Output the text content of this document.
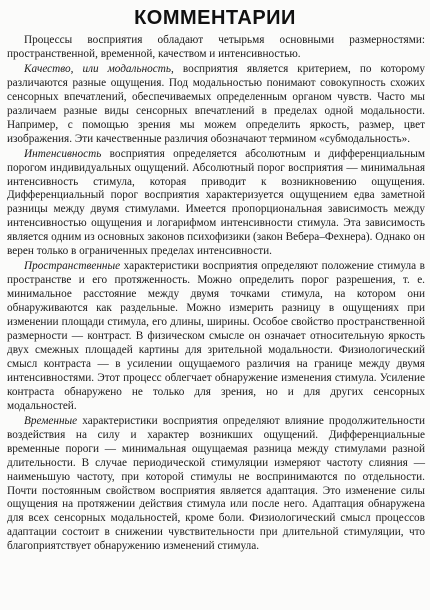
КОММЕНТАРИИ

Процессы восприятия обладают четырьмя основными размерностями: пространственной, временной, качеством и интенсивностью.

Качество, или модальность, восприятия является критерием, по которому различаются разные ощущения. Под модальностью понимают совокупность схожих сенсорных впечатлений, обеспечиваемых определенным органом чувств. Часто мы различаем разные виды сенсорных впечатлений в пределах одной модальности. Например, с помощью зрения мы можем определить яркость, размер, цвет изображения. Эти качественные различия обозначают термином «субмодальность».

Интенсивность восприятия определяется абсолютным и дифференциальным порогом индивидуальных ощущений. Абсолютный порог восприятия — минимальная интенсивность стимула, которая приводит к возникновению ощущения. Дифференциальный порог восприятия характеризуется ощущением едва заметной разницы между двумя стимулами. Имеется пропорциональная зависимость между интенсивностью ощущения и логарифмом интенсивности стимула. Эта зависимость является одним из основных законов психофизики (закон Вебера–Фехнера). Однако он верен только в ограниченных пределах интенсивности.

Пространственные характеристики восприятия определяют положение стимула в пространстве и его протяженность. Можно определить порог разрешения, т. е. минимальное расстояние между двумя точками стимула, на котором они обнаруживаются как раздельные. Можно измерить разницу в ощущениях при изменении площади стимула, его длины, ширины. Особое свойство пространственной размерности — контраст. В физическом смысле он означает относительную яркость двух смежных площадей картины для зрительной модальности. Физиологический смысл контраста — в усилении ощущаемого различия на границе между двумя интенсивностями. Этот процесс облегчает обнаружение изменения стимула. Усиление контраста обнаружено не только для зрения, но и для других сенсорных модальностей.

Временные характеристики восприятия определяют влияние продолжительности воздействия на силу и характер возникших ощущений. Дифференциальные временные пороги — минимальная ощущаемая разница между стимулами разной длительности. В случае периодической стимуляции измеряют частоту слияния — наименьшую частоту, при которой стимулы не воспринимаются по отдельности. Почти постоянным свойством восприятия является адаптация. Это изменение силы ощущения на протяжении действия стимула или после него. Адаптация обнаружена для всех сенсорных модальностей, кроме боли. Физиологический смысл процессов адаптации состоит в снижении чувствительности при длительной стимуляции, что благоприятствует обнаружению изменений стимула.
